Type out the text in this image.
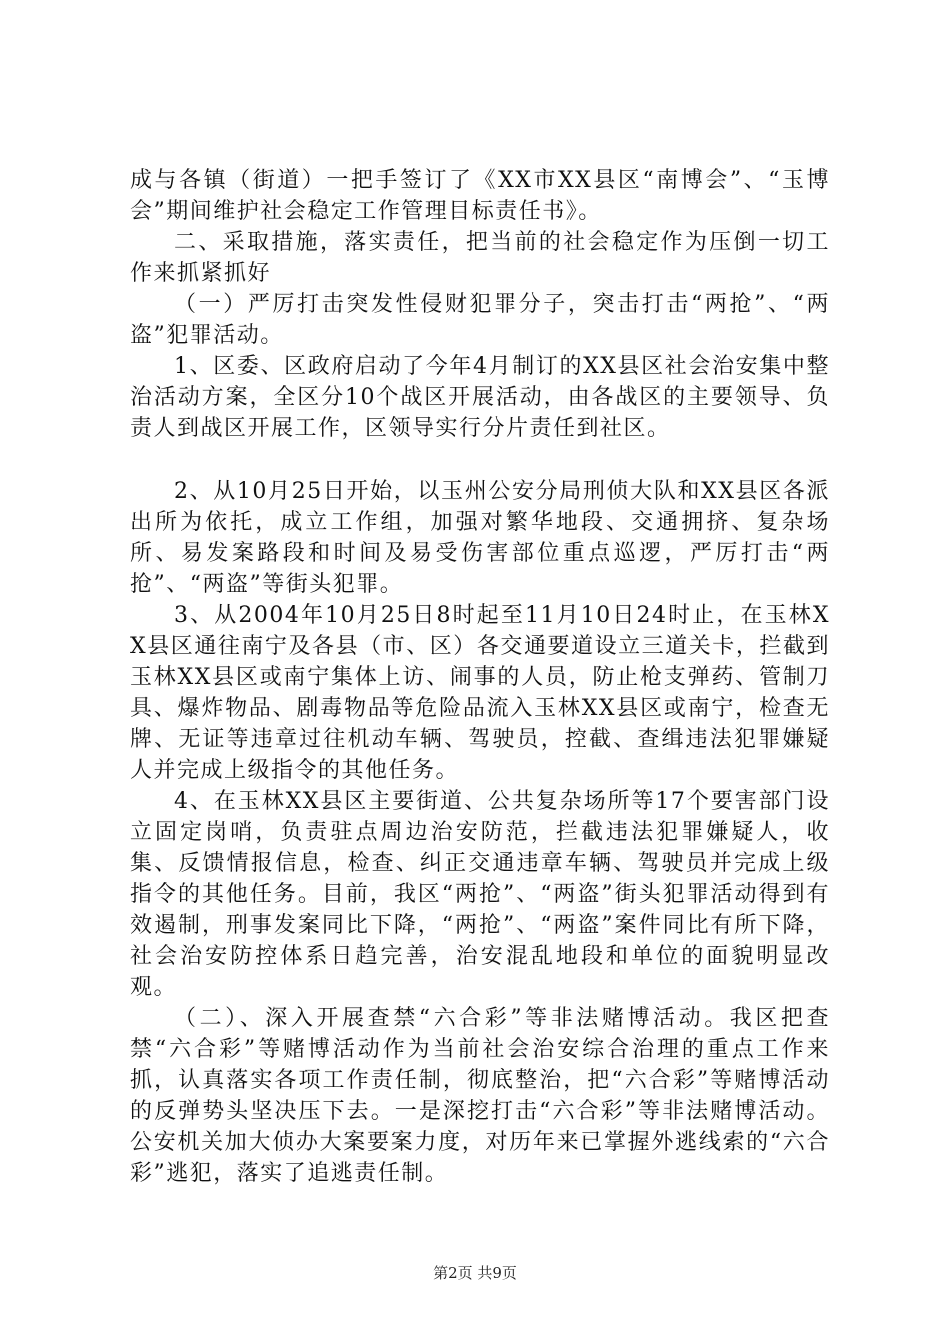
成与各镇（街道）一把手签订了《XX市XX县区“南博会”、“玉博会”期间维护社会稳定工作管理目标责任书》。

二、采取措施，落实责任，把当前的社会稳定作为压倒一切工作来抓紧抓好

（一）严厉打击突发性侵财犯罪分子，突击打击“两抢”、“两盗”犯罪活动。

1、区委、区政府启动了今年4月制订的XX县区社会治安集中整治活动方案，全区分10个战区开展活动，由各战区的主要领导、负责人到战区开展工作，区领导实行分片责任到社区。

2、从10月25日开始，以玉州公安分局刑侦大队和XX县区各派出所为依托，成立工作组，加强对繁华地段、交通拥挤、复杂场所、易发案路段和时间及易受伤害部位重点巡逻，严厉打击“两抢”、“两盗”等街头犯罪。

3、从2004年10月25日8时起至11月10日24时止，在玉林XX县区通往南宁及各县（市、区）各交通要道设立三道关卡，拦截到玉林XX县区或南宁集体上访、闹事的人员，防止枪支弹药、管制刀具、爆炸物品、剧毒物品等危险品流入玉林XX县区或南宁，检查无牌、无证等违章过往机动车辆、驾驶员，控截、查缉违法犯罪嫌疑人并完成上级指令的其他任务。

4、在玉林XX县区主要街道、公共复杂场所等17个要害部门设立固定岗哨，负责驻点周边治安防范，拦截违法犯罪嫌疑人，收集、反馈情报信息，检查、纠正交通违章车辆、驾驶员并完成上级指令的其他任务。目前，我区“两抢”、“两盗”街头犯罪活动得到有效遏制，刑事发案同比下降，“两抢”、“两盗”案件同比有所下降，社会治安防控体系日趋完善，治安混乱地段和单位的面貌明显改观。

（二）、深入开展查禁“六合彩”等非法赌博活动。我区把查禁“六合彩”等赌博活动作为当前社会治安综合治理的重点工作来抓，认真落实各项工作责任制，彻底整治，把“六合彩”等赌博活动的反弹势头坚决压下去。一是深挖打击“六合彩”等非法赌博活动。公安机关加大侦办大案要案力度，对历年来已掌握外逃线索的“六合彩”逃犯，落实了追逃责任制。

第2页 共9页
